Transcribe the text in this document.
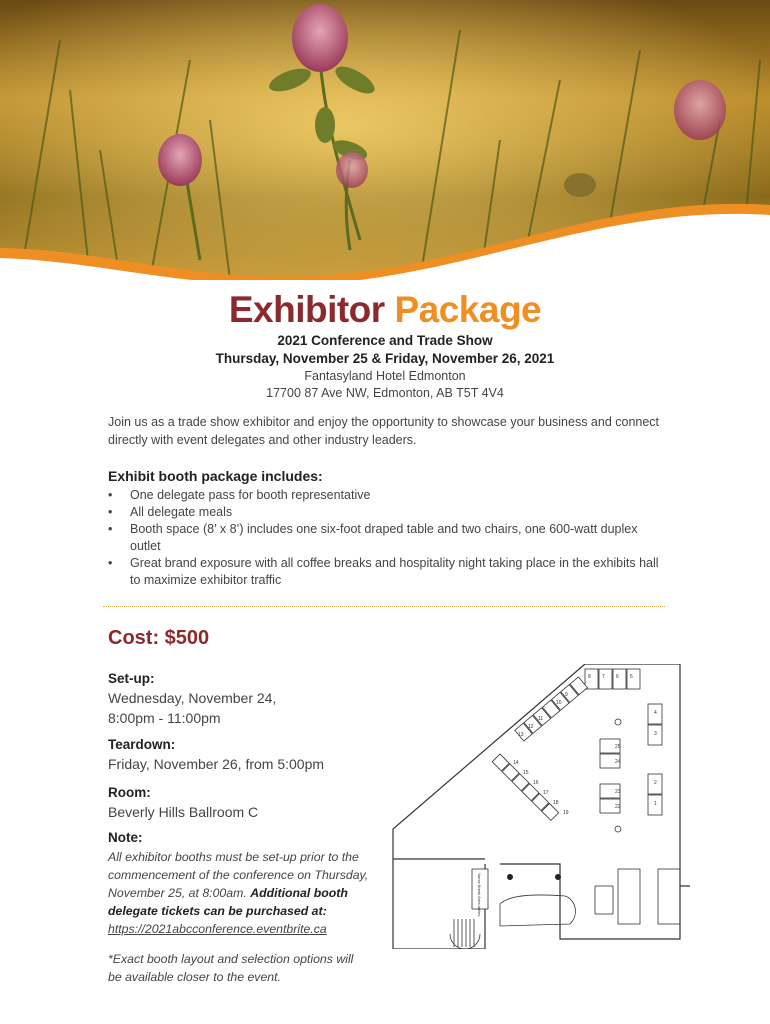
Exhibitor Package
2021 Conference and Trade Show
Thursday, November 25 & Friday, November 26, 2021
Fantasyland Hotel Edmonton
17700 87 Ave NW, Edmonton, AB T5T 4V4

Join us as a trade show exhibitor and enjoy the opportunity to showcase your business and connect directly with event delegates and other industry leaders.

Exhibit booth package includes:

• One delegate pass for booth representative
• All delegate meals
• Booth space (8’ x 8’) includes one six-foot draped table and two chairs, one 600-watt duplex outlet
• Great brand exposure with all coffee breaks and hospitality night taking place in the exhibits hall to maximize exhibitor traffic

Cost: $500

Set-up:

Wednesday, November 24,

8:00pm - 11:00pm

Teardown:

Friday, November 26, from 5:00pm

Room:

Beverly Hills Ballroom C

Note:

All exhibitor booths must be set-up prior to the commencement of the conference on Thursday, November 25, at 8:00am. Additional booth delegate tickets can be purchased at: https://2021abcconference.eventbrite.ca

*Exact booth layout and selection options will be available closer to the event.

8 7 6 5
9
10
11
12
13
14
15
16
17
18
19
25
24
23
22
4
3
2
1
Nurse Break Area tables
